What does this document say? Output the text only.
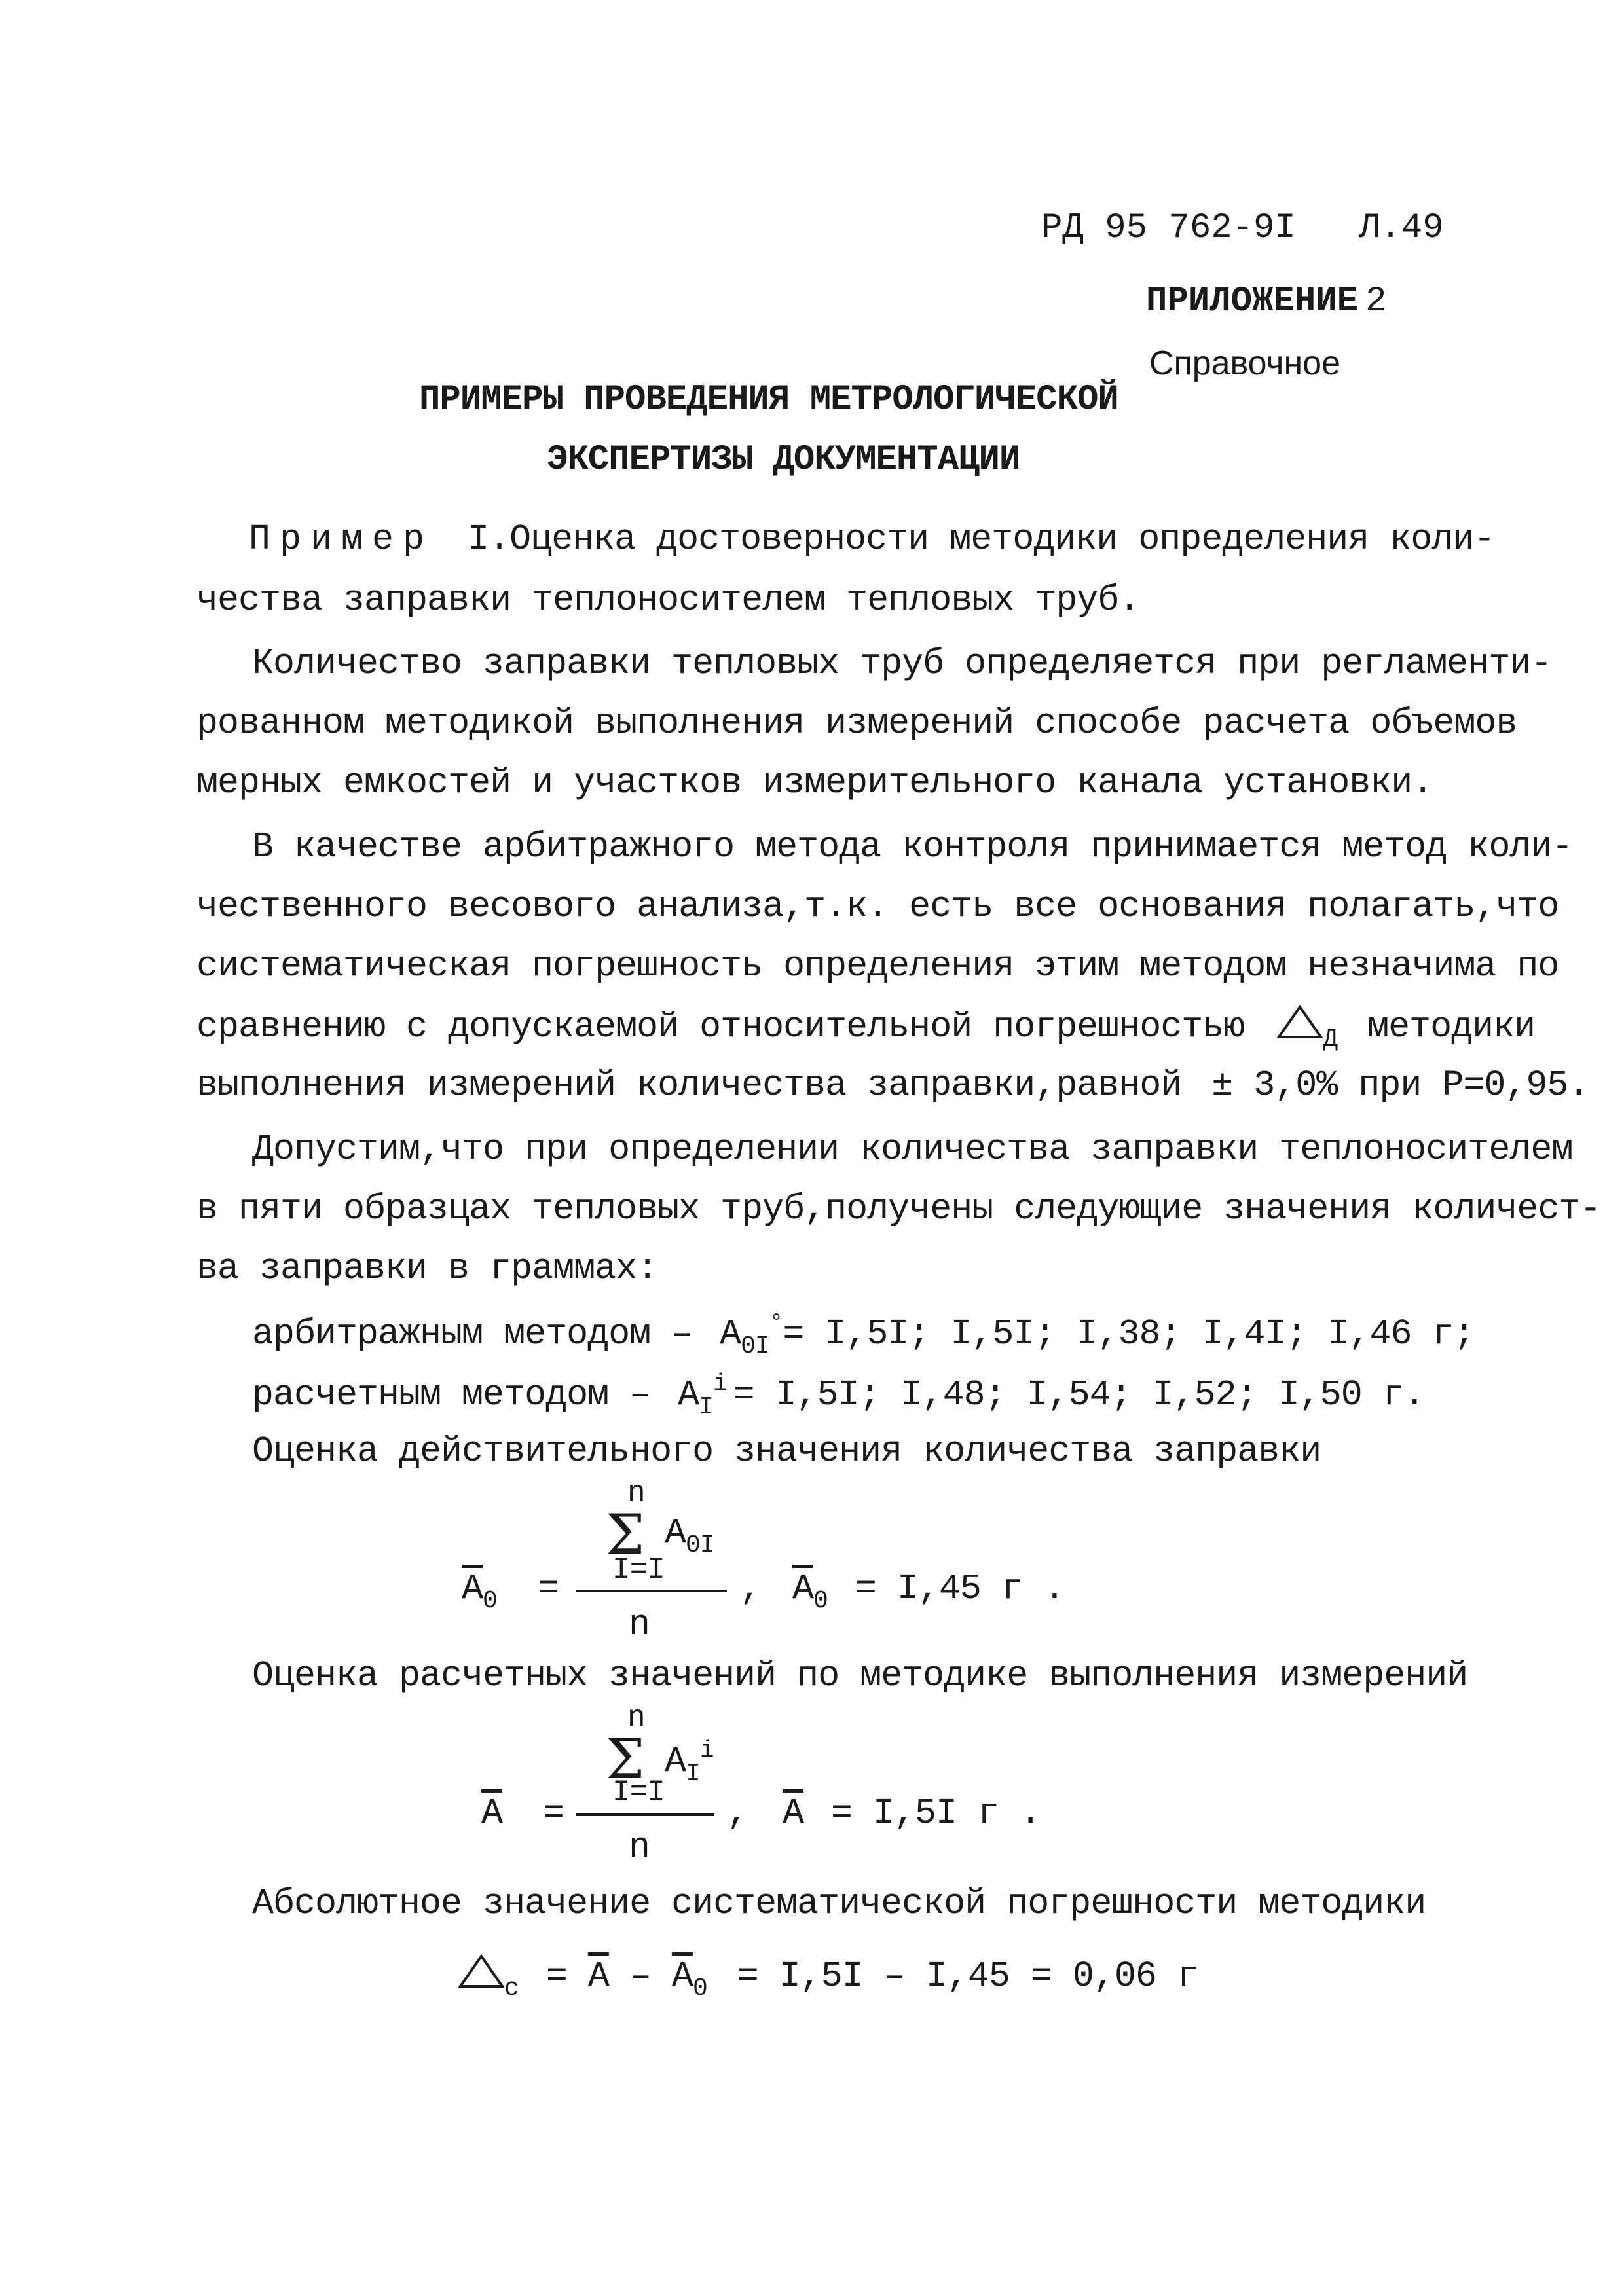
РД 95 762-9I Л.49
ПРИЛОЖЕНИЕ 2
Справочное
ПРИМЕРЫ ПРОВЕДЕНИЯ МЕТРОЛОГИЧЕСКОЙ
ЭКСПЕРТИЗЫ ДОКУМЕНТАЦИИ
Пример I.Оценка достоверности методики определения коли-
чества заправки теплоносителем тепловых труб.
Количество заправки тепловых труб определяется при регламенти-
рованном методикой выполнения измерений способе расчета объемов
мерных емкостей и участков измерительного канала установки.
В качестве арбитражного метода контроля принимается метод коли-
чественного весового анализа,т.к. есть все основания полагать,что
систематическая погрешность определения этим методом незначима по
сравнению с допускаемой относительной погрешностью	$_Д$ методики
выполнения измерений количества заправки,равной ± 3,0% при P=0,95.
Допустим,что при определении количества заправки теплоносителем
в пяти образцах тепловых труб,получены следующие значения количест-
ва заправки в граммах:
арбитражным методом – $A_{0I}^\circ= I,5I$; I,5I; I,38; I,4I; I,46 г;
расчетным методом – $A_I^i = I,5I$; I,48; I,54; I,52; I,50 г.
Оценка действительного значения количества заправки
n
Σ $A_{0I}$
I=I
n
$\overline{A}_0$ =	, $\overline{A}_0 = I,45$ г .
Оценка расчетных значений по методике выполнения измерений
n
Σ $A_I^i$
I=I
n
$\overline{A}$ =	, $\overline{A} = I,5I$ г .
Абсолютное значение систематической погрешности методики
$_c = \overline{A} - \overline{A}_0 = I,5I - I,45 = 0,06$ г
